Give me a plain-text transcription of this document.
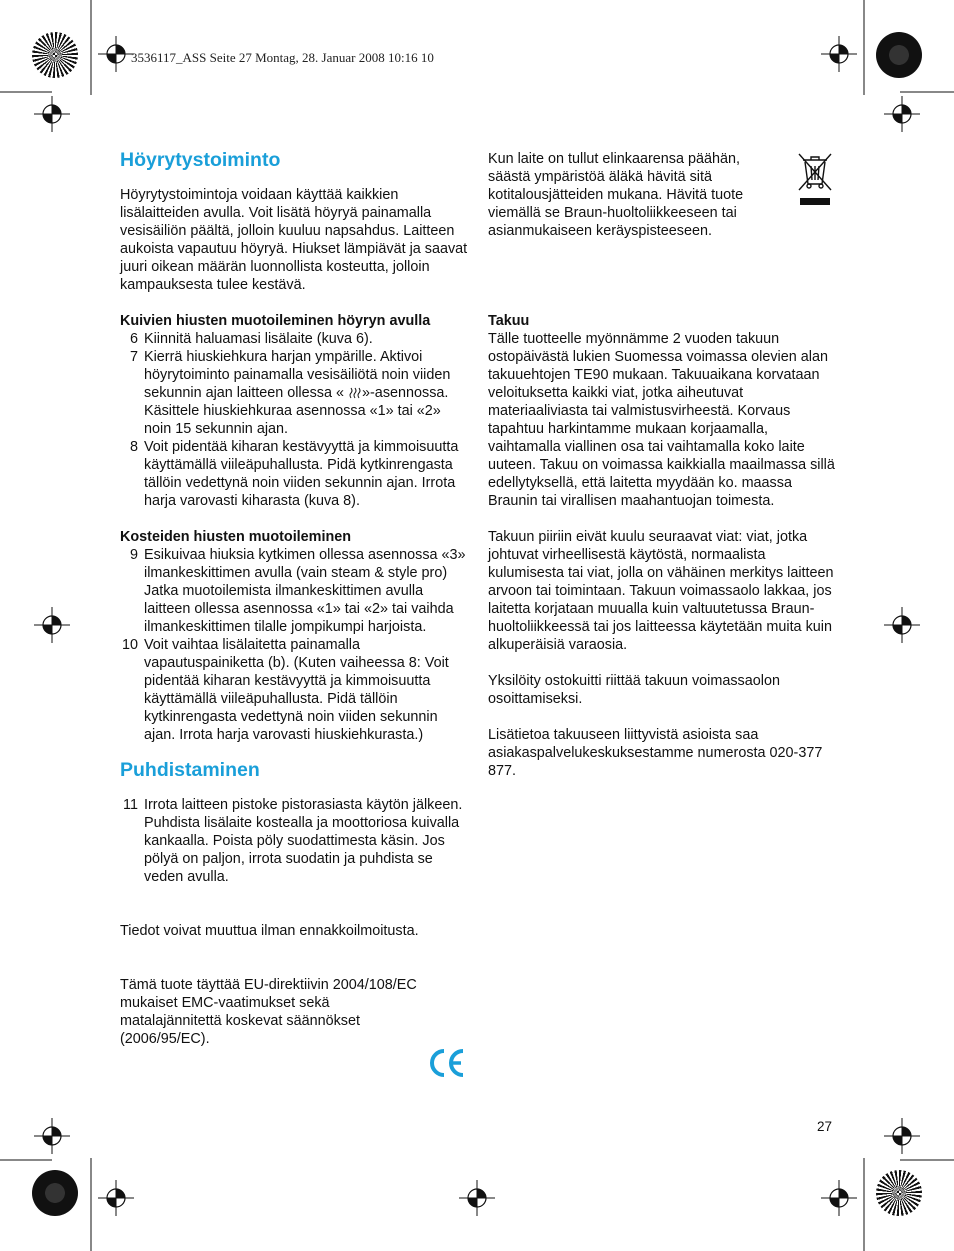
3536117_ASS Seite 27 Montag, 28. Januar 2008 10:16 10
Höyrytystoiminto

Höyrytystoimintoja voidaan käyttää kaikkien lisälaitteiden avulla. Voit lisätä höyryä painamalla vesisäiliön päältä, jolloin kuuluu napsahdus. Laitteen aukoista vapautuu höyryä. Hiukset lämpiävät ja saavat juuri oikean määrän luonnollista kosteutta, jolloin kampauksesta tulee kestävä.

Kuivien hiusten muotoileminen höyryn avulla

6 Kiinnitä haluamasi lisälaite (kuva 6).
7 Kierrä hiuskiehkura harjan ympärille. Aktivoi höyrytoiminto painamalla vesisäiliötä noin viiden sekunnin ajan laitteen ollessa « »-asennossa. Käsittele hiuskiehkuraa asennossa «1» tai «2» noin 15 sekunnin ajan.
8 Voit pidentää kiharan kestävyyttä ja kimmoisuutta käyttämällä viileäpuhallusta. Pidä kytkinrengasta tällöin vedettynä noin viiden sekunnin ajan. Irrota harja varovasti kiharasta (kuva 8).

Kosteiden hiusten muotoileminen

9 Esikuivaa hiuksia kytkimen ollessa asennossa «3» ilmankeskittimen avulla (vain steam & style pro) Jatka muotoilemista ilmankeskittimen avulla laitteen ollessa asennossa «1» tai «2» tai vaihda ilmankeskittimen tilalle jompikumpi harjoista.
10 Voit vaihtaa lisälaitetta painamalla vapautuspainiketta (b). (Kuten vaiheessa 8: Voit pidentää kiharan kestävyyttä ja kimmoisuutta käyttämällä viileäpuhallusta. Pidä tällöin kytkinrengasta vedettynä noin viiden sekunnin ajan. Irrota harja varovasti hiuskiehkurasta.)
Puhdistaminen
11 Irrota laitteen pistoke pistorasiasta käytön jälkeen. Puhdista lisälaite kostealla ja moottoriosa kuivalla kankaalla. Poista pöly suodattimesta käsin. Jos pölyä on paljon, irrota suodatin ja puhdista se veden avulla.

Tiedot voivat muuttua ilman ennakkoilmoitusta.

Tämä tuote täyttää EU-direktiivin 2004/108/EC mukaiset EMC-vaatimukset sekä matalajännitettä koskevat säännökset (2006/95/EC).

Kun laite on tullut elinkaarensa päähän, säästä ympäristöä äläkä hävitä sitä kotitalousjätteiden mukana. Hävitä tuote viemällä se Braun-huoltoliikkeeseen tai asianmukaiseen keräyspisteeseen.

Takuu

Tälle tuotteelle myönnämme 2 vuoden takuun ostopäivästä lukien Suomessa voimassa olevien alan takuuehtojen TE90 mukaan. Takuuaikana korvataan veloituksetta kaikki viat, jotka aiheutuvat materiaaliviasta tai valmistusvirheestä. Korvaus tapahtuu harkintamme mukaan korjaamalla, vaihtamalla viallinen osa tai vaihtamalla koko laite uuteen. Takuu on voimassa kaikkialla maailmassa sillä edellytyksellä, että laitetta myydään ko. maassa Braunin tai virallisen maahantuojan toimesta.

Takuun piiriin eivät kuulu seuraavat viat: viat, jotka johtuvat virheellisestä käytöstä, normaalista kulumisesta tai viat, jolla on vähäinen merkitys laitteen arvoon tai toimintaan. Takuun voimassaolo lakkaa, jos laitetta korjataan muualla kuin valtuutetussa Braun-huoltoliikkeessä tai jos laitteessa käytetään muita kuin alkuperäisiä varaosia.

Yksilöity ostokuitti riittää takuun voimassaolon osoittamiseksi.

Lisätietoa takuuseen liittyvistä asioista saa asiakaspalvelukeskuksestamme numerosta 020-377 877.

27
